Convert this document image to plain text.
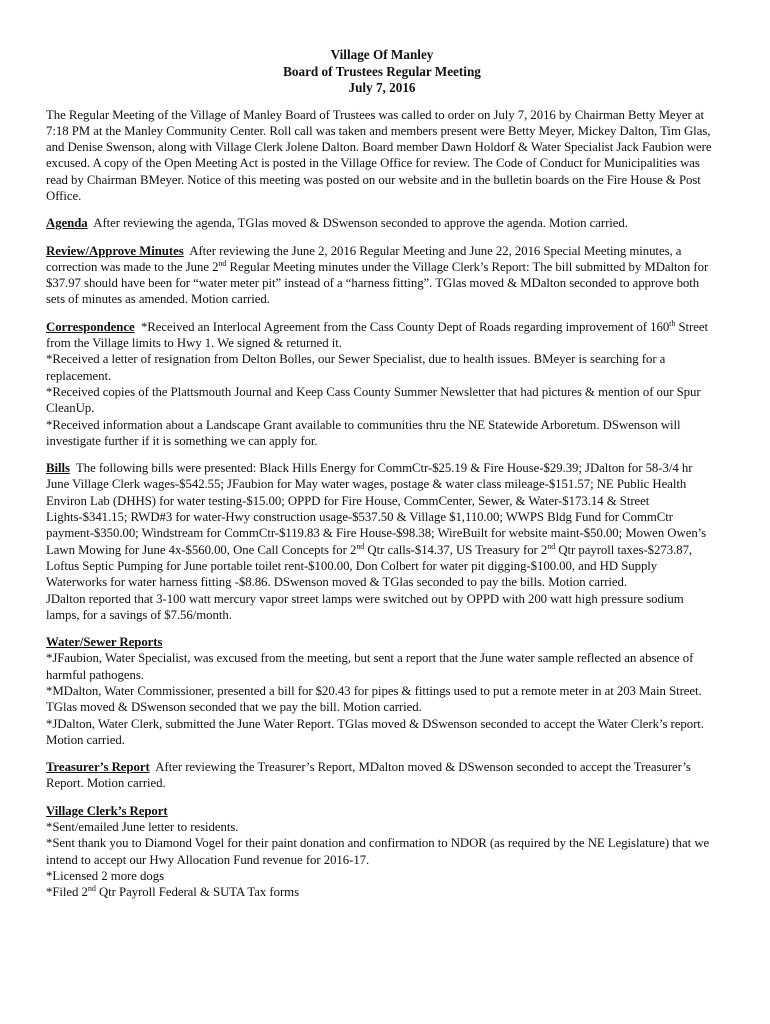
Village Of Manley
Board of Trustees Regular Meeting
July 7, 2016
The Regular Meeting of the Village of Manley Board of Trustees was called to order on July 7, 2016 by Chairman Betty Meyer at 7:18 PM at the Manley Community Center. Roll call was taken and members present were Betty Meyer, Mickey Dalton, Tim Glas, and Denise Swenson, along with Village Clerk Jolene Dalton. Board member Dawn Holdorf & Water Specialist Jack Faubion were excused. A copy of the Open Meeting Act is posted in the Village Office for review. The Code of Conduct for Municipalities was read by Chairman BMeyer. Notice of this meeting was posted on our website and in the bulletin boards on the Fire House & Post Office.
Agenda After reviewing the agenda, TGlas moved & DSwenson seconded to approve the agenda. Motion carried.
Review/Approve Minutes After reviewing the June 2, 2016 Regular Meeting and June 22, 2016 Special Meeting minutes, a correction was made to the June 2nd Regular Meeting minutes under the Village Clerk’s Report: The bill submitted by MDalton for $37.97 should have been for “water meter pit” instead of a “harness fitting”. TGlas moved & MDalton seconded to approve both sets of minutes as amended. Motion carried.

Correspondence *Received an Interlocal Agreement from the Cass County Dept of Roads regarding improvement of 160th Street from the Village limits to Hwy 1. We signed & returned it.

*Received a letter of resignation from Delton Bolles, our Sewer Specialist, due to health issues. BMeyer is searching for a replacement.

*Received copies of the Plattsmouth Journal and Keep Cass County Summer Newsletter that had pictures & mention of our Spur CleanUp.

*Received information about a Landscape Grant available to communities thru the NE Statewide Arboretum. DSwenson will investigate further if it is something we can apply for.

Bills The following bills were presented: Black Hills Energy for CommCtr-$25.19 & Fire House-$29.39; JDalton for 58-3/4 hr June Village Clerk wages-$542.55; JFaubion for May water wages, postage & water class mileage-$151.57; NE Public Health Environ Lab (DHHS) for water testing-$15.00; OPPD for Fire House, CommCenter, Sewer, & Water-$173.14 & Street Lights-$341.15; RWD#3 for water-Hwy construction usage-$537.50 & Village $1,110.00; WWPS Bldg Fund for CommCtr payment-$350.00; Windstream for CommCtr-$119.83 & Fire House-$98.38; WireBuilt for website maint-$50.00; Mowen Owen’s Lawn Mowing for June 4x-$560.00, One Call Concepts for 2nd Qtr calls-$14.37, US Treasury for 2nd Qtr payroll taxes-$273.87, Loftus Septic Pumping for June portable toilet rent-$100.00, Don Colbert for water pit digging-$100.00, and HD Supply Waterworks for water harness fitting -$8.86. DSwenson moved & TGlas seconded to pay the bills. Motion carried.

JDalton reported that 3-100 watt mercury vapor street lamps were switched out by OPPD with 200 watt high pressure sodium lamps, for a savings of $7.56/month.

Water/Sewer Reports

*JFaubion, Water Specialist, was excused from the meeting, but sent a report that the June water sample reflected an absence of harmful pathogens.

*MDalton, Water Commissioner, presented a bill for $20.43 for pipes & fittings used to put a remote meter in at 203 Main Street. TGlas moved & DSwenson seconded that we pay the bill. Motion carried.

*JDalton, Water Clerk, submitted the June Water Report. TGlas moved & DSwenson seconded to accept the Water Clerk’s report. Motion carried.

Treasurer’s Report After reviewing the Treasurer’s Report, MDalton moved & DSwenson seconded to accept the Treasurer’s Report. Motion carried.
Village Clerk’s Report

*Sent/emailed June letter to residents.

*Sent thank you to Diamond Vogel for their paint donation and confirmation to NDOR (as required by the NE Legislature) that we intend to accept our Hwy Allocation Fund revenue for 2016-17.

*Licensed 2 more dogs

*Filed 2nd Qtr Payroll Federal & SUTA Tax forms
